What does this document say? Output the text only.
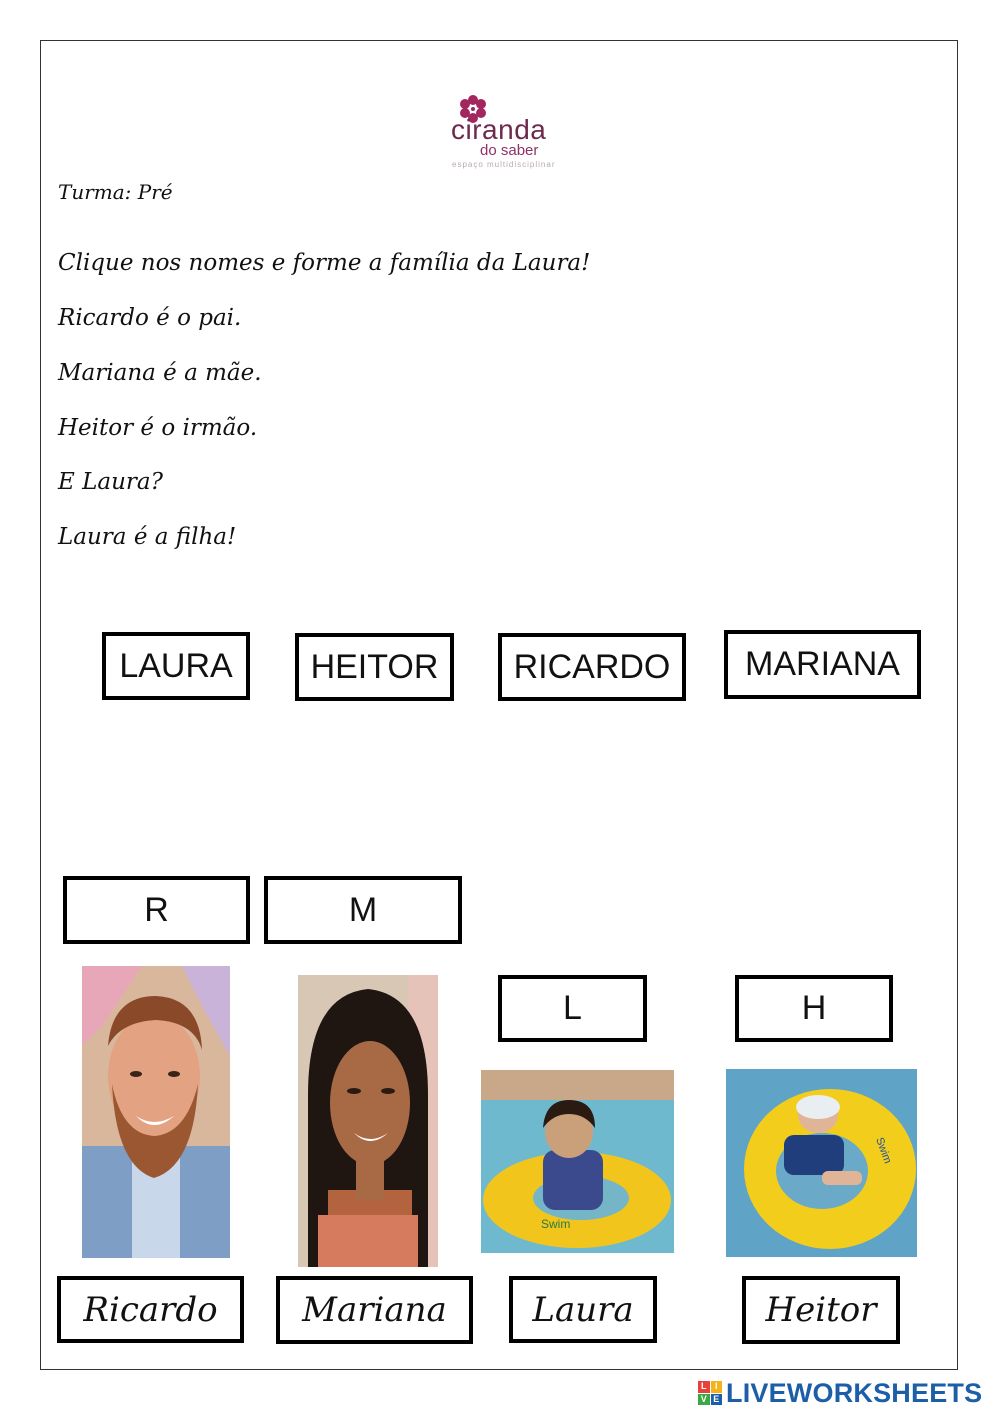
ciranda
do saber
espaço multidisciplinar
Turma: Pré
Clique nos nomes e forme a família da Laura!
Ricardo é o pai.
Mariana é a mãe.
Heitor é o irmão.
E Laura?
Laura é a filha!
LAURA	HEITOR	RICARDO	MARIANA
R	M
L	H
Swim
Swim
Ricardo	Mariana	Laura	Heitor
L I
V E LIVEWORKSHEETS
